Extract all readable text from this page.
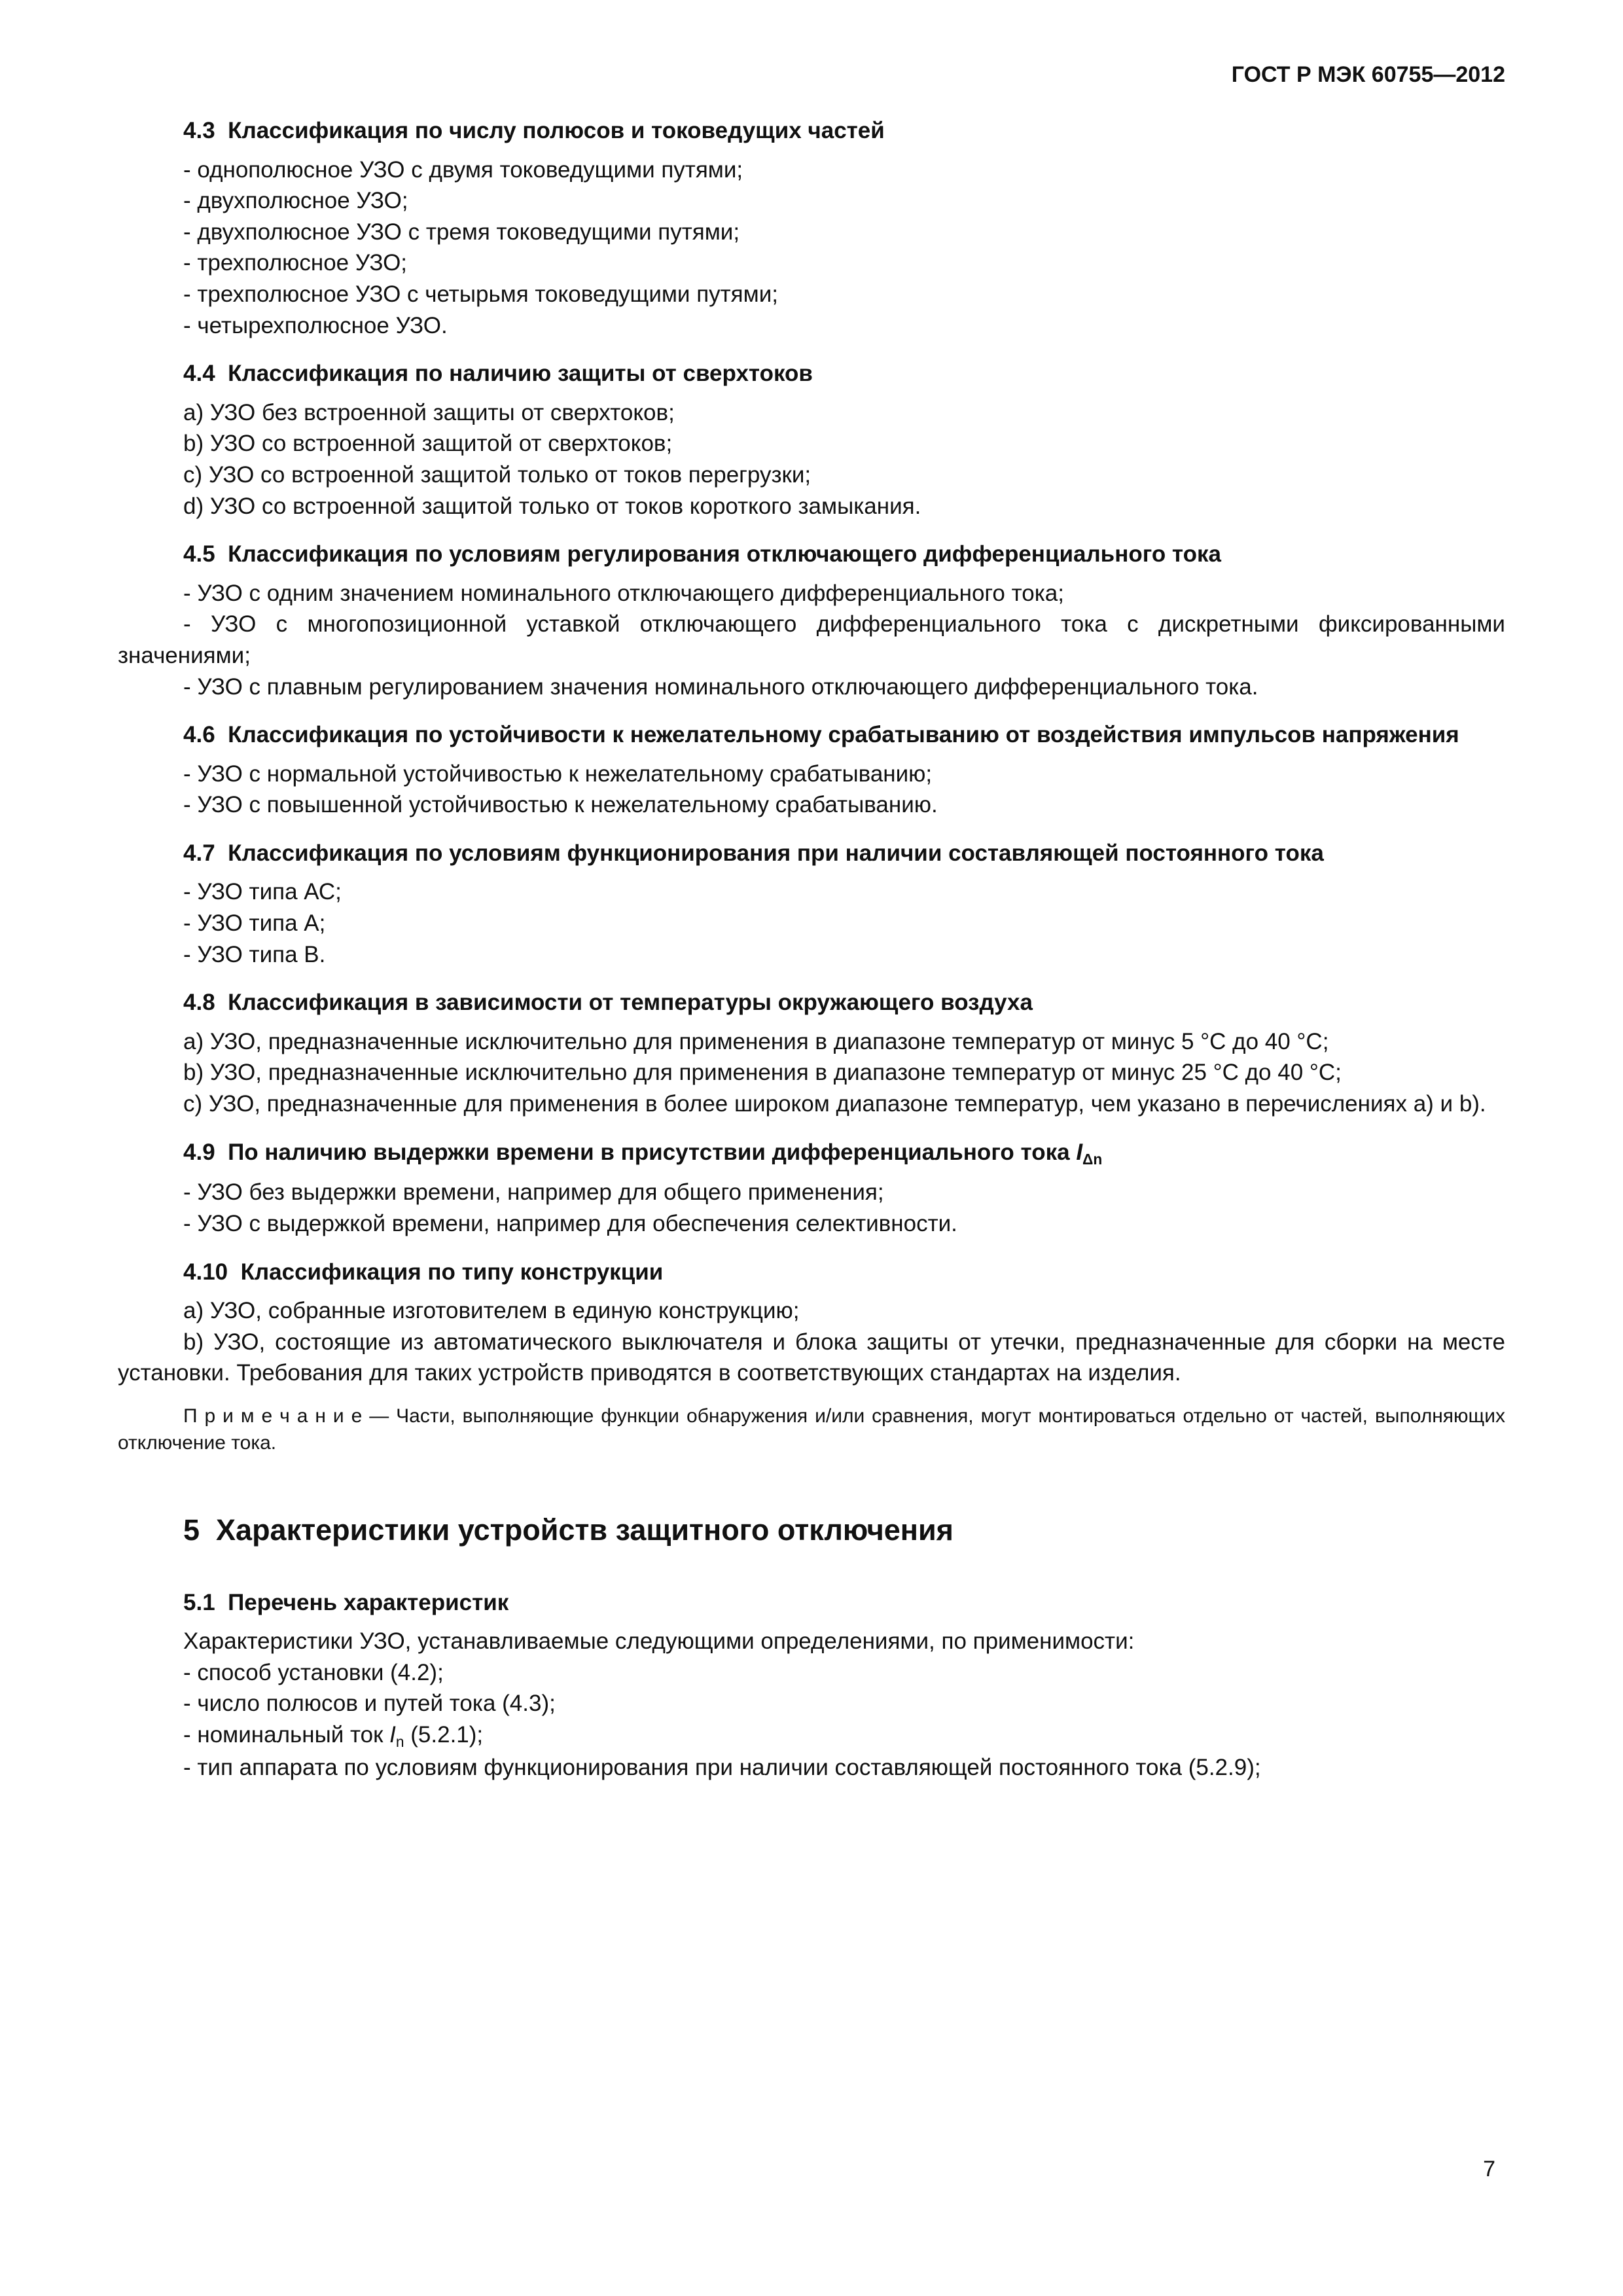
ГОСТ Р МЭК 60755—2012
4.3  Классификация по числу полюсов и токоведущих частей
- однополюсное УЗО с двумя токоведущими путями;
- двухполюсное УЗО;
- двухполюсное УЗО с тремя токоведущими путями;
- трехполюсное УЗО;
- трехполюсное УЗО с четырьмя токоведущими путями;
- четырехполюсное УЗО.
4.4  Классификация по наличию защиты от сверхтоков
a) УЗО без встроенной защиты от сверхтоков;
b) УЗО со встроенной защитой от сверхтоков;
c) УЗО со встроенной защитой только от токов перегрузки;
d) УЗО со встроенной защитой только от токов короткого замыкания.
4.5  Классификация по условиям регулирования отключающего дифференциального тока
- УЗО с одним значением номинального отключающего дифференциального тока;
- УЗО с многопозиционной уставкой отключающего дифференциального тока с дискретными фиксированными значениями;
- УЗО с плавным регулированием значения номинального отключающего дифференциального тока.
4.6  Классификация по устойчивости к нежелательному срабатыванию от воздействия импульсов напряжения
- УЗО с нормальной устойчивостью к нежелательному срабатыванию;
- УЗО с повышенной устойчивостью к нежелательному срабатыванию.
4.7  Классификация по условиям функционирования при наличии составляющей постоянного тока
- УЗО типа АС;
- УЗО типа А;
- УЗО типа В.
4.8  Классификация в зависимости от температуры окружающего воздуха
a) УЗО, предназначенные исключительно для применения в диапазоне температур от минус 5 °С до 40 °С;
b) УЗО, предназначенные исключительно для применения в диапазоне температур от минус 25 °С до 40 °С;
c) УЗО, предназначенные для применения в более широком диапазоне температур, чем указано в перечислениях a) и b).
4.9  По наличию выдержки времени в присутствии дифференциального тока $I_{\Delta n}$
- УЗО без выдержки времени, например для общего применения;
- УЗО с выдержкой времени, например для обеспечения селективности.
4.10  Классификация по типу конструкции
a) УЗО, собранные изготовителем в единую конструкцию;
b) УЗО, состоящие из автоматического выключателя и блока защиты от утечки, предназначенные для сборки на месте установки. Требования для таких устройств приводятся в соответствующих стандартах на изделия.
П р и м е ч а н и е — Части, выполняющие функции обнаружения и/или сравнения, могут монтироваться отдельно от частей, выполняющих отключение тока.
5  Характеристики устройств защитного отключения
5.1  Перечень характеристик
Характеристики УЗО, устанавливаемые следующими определениями, по применимости:
- способ установки (4.2);
- число полюсов и путей тока (4.3);
- номинальный ток $I_n$ (5.2.1);
- тип аппарата по условиям функционирования при наличии составляющей постоянного тока (5.2.9);
7
